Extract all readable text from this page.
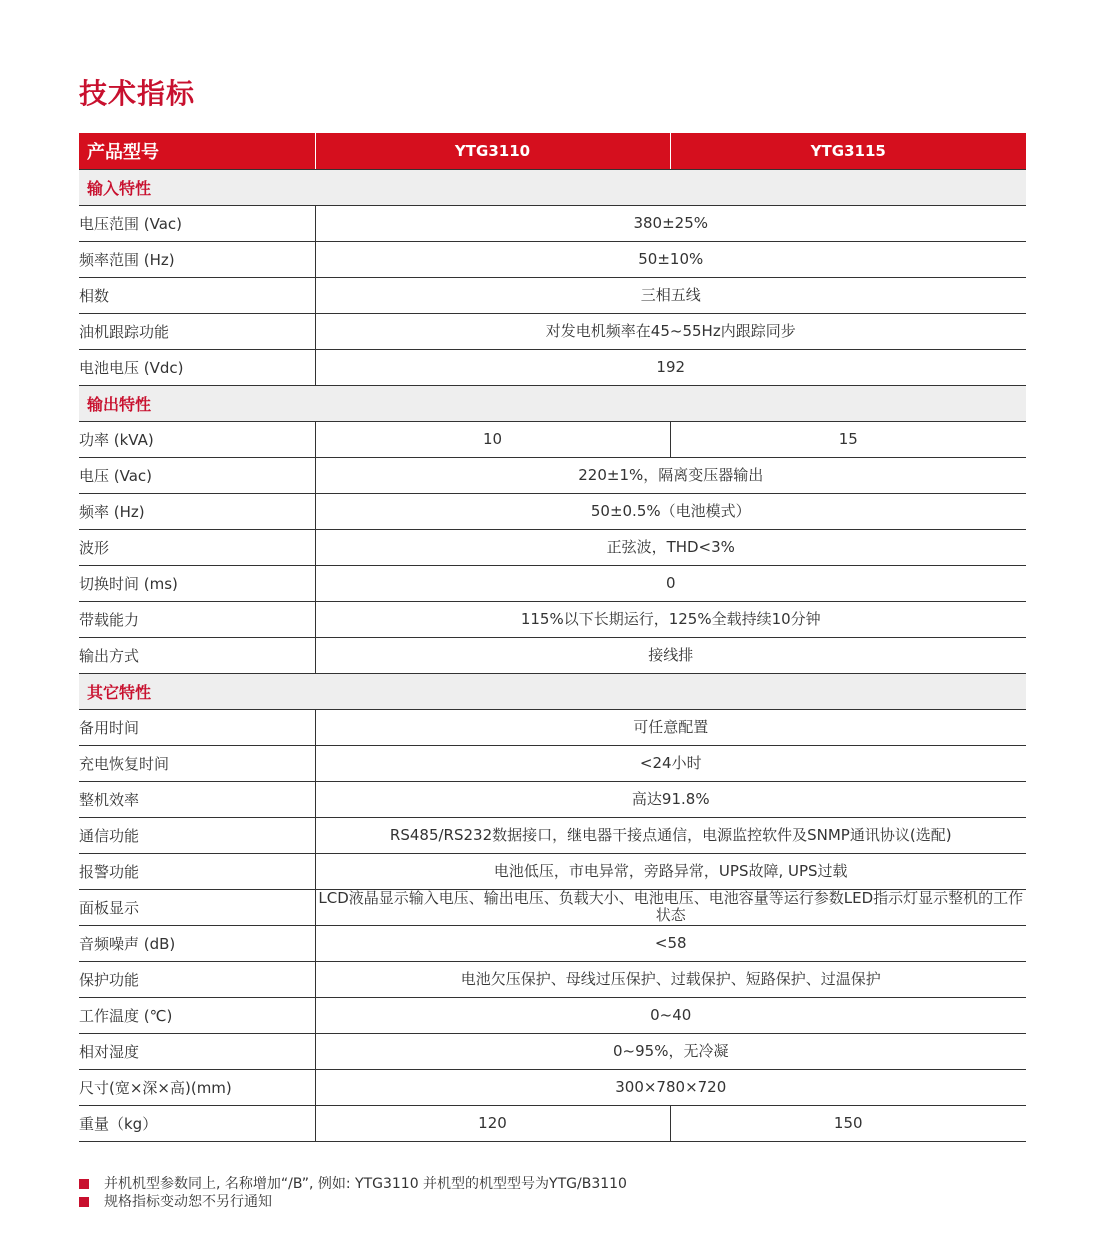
技术指标
产品型号	YTG3110	YTG3115
输入特性		
电压范围 (Vac)	380±25%	
频率范围 (Hz)	50±10%	
相数	三相五线	
油机跟踪功能	对发电机频率在45~55Hz内跟踪同步	
电池电压 (Vdc)	192	
输出特性		
功率 (kVA)	10	15
电压 (Vac)	220±1%，隔离变压器输出	
频率 (Hz)	50±0.5%（电池模式）	
波形	正弦波，THD<3%	
切换时间 (ms)	0	
带载能力	115%以下长期运行，125%全载持续10分钟	
输出方式	接线排	
其它特性		
备用时间	可任意配置	
充电恢复时间	<24小时	
整机效率	高达91.8%	
通信功能	RS485/RS232数据接口，继电器干接点通信，电源监控软件及SNMP通讯协议(选配)	
报警功能	电池低压，市电异常，旁路异常，UPS故障, UPS过载	
面板显示	LCD液晶显示输入电压、输出电压、负载大小、电池电压、电池容量等运行参数LED指示灯显示整机的工作状态	
音频噪声 (dB)	<58	
保护功能	电池欠压保护、母线过压保护、过载保护、短路保护、过温保护	
工作温度 (℃)	0~40	
相对湿度	0~95%，无冷凝	
尺寸(宽×深×高)(mm)	300×780×720	
重量（kg）	120	150
并机机型参数同上, 名称增加“/B”, 例如: YTG3110 并机型的机型型号为YTG/B3110
规格指标变动恕不另行通知
